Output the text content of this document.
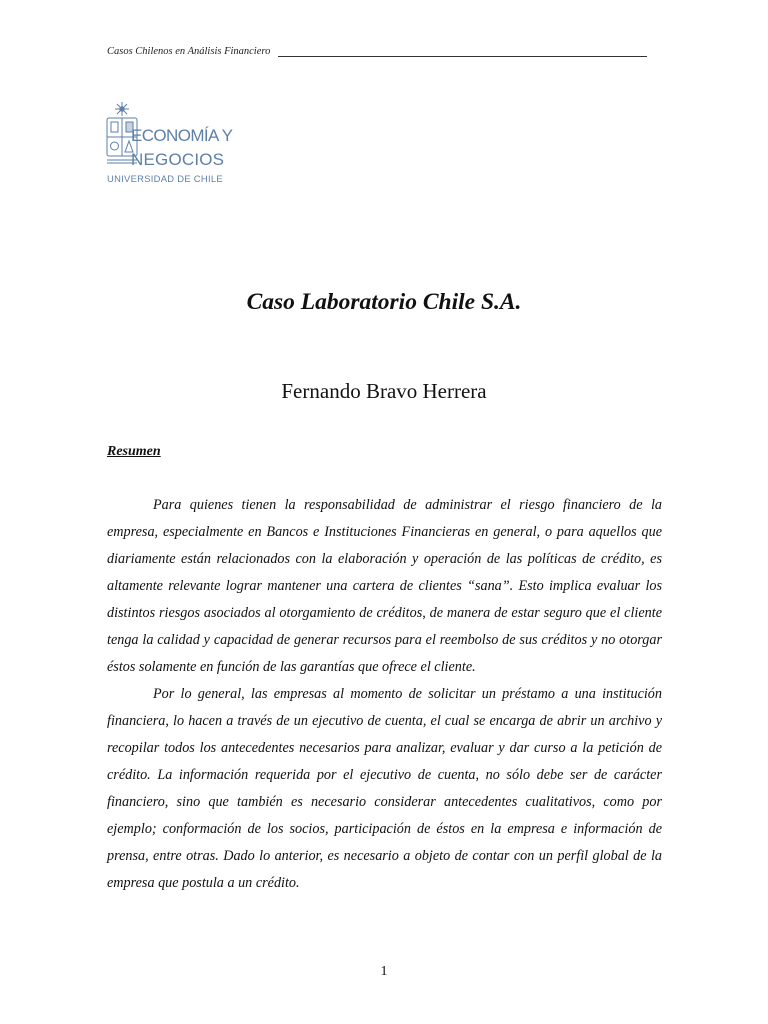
Casos Chilenos en Análisis Financiero
ECONOMÍA Y
NEGOCIOS
UNIVERSIDAD DE CHILE
Caso Laboratorio Chile S.A.
Fernando Bravo Herrera
Resumen

Para quienes tienen la responsabilidad de administrar el riesgo financiero de la empresa, especialmente en Bancos e Instituciones Financieras en general, o para aquellos que diariamente están relacionados con la elaboración y operación de las políticas de crédito, es altamente relevante lograr mantener una cartera de clientes “sana”. Esto implica evaluar los distintos riesgos asociados al otorgamiento de créditos, de manera de estar seguro que el cliente tenga la calidad y capacidad de generar recursos para el reembolso de sus créditos y no otorgar éstos solamente en función de las garantías que ofrece el cliente.

Por lo general, las empresas al momento de solicitar un préstamo a una institución financiera, lo hacen a través de un ejecutivo de cuenta, el cual se encarga de abrir un archivo y recopilar todos los antecedentes necesarios para analizar, evaluar y dar curso a la petición de crédito. La información requerida por el ejecutivo de cuenta, no sólo debe ser de carácter financiero, sino que también es necesario considerar antecedentes cualitativos, como por ejemplo; conformación de los socios, participación de éstos en la empresa e información de prensa, entre otras. Dado lo anterior, es necesario a objeto de contar con un perfil global de la empresa que postula a un crédito.

1
